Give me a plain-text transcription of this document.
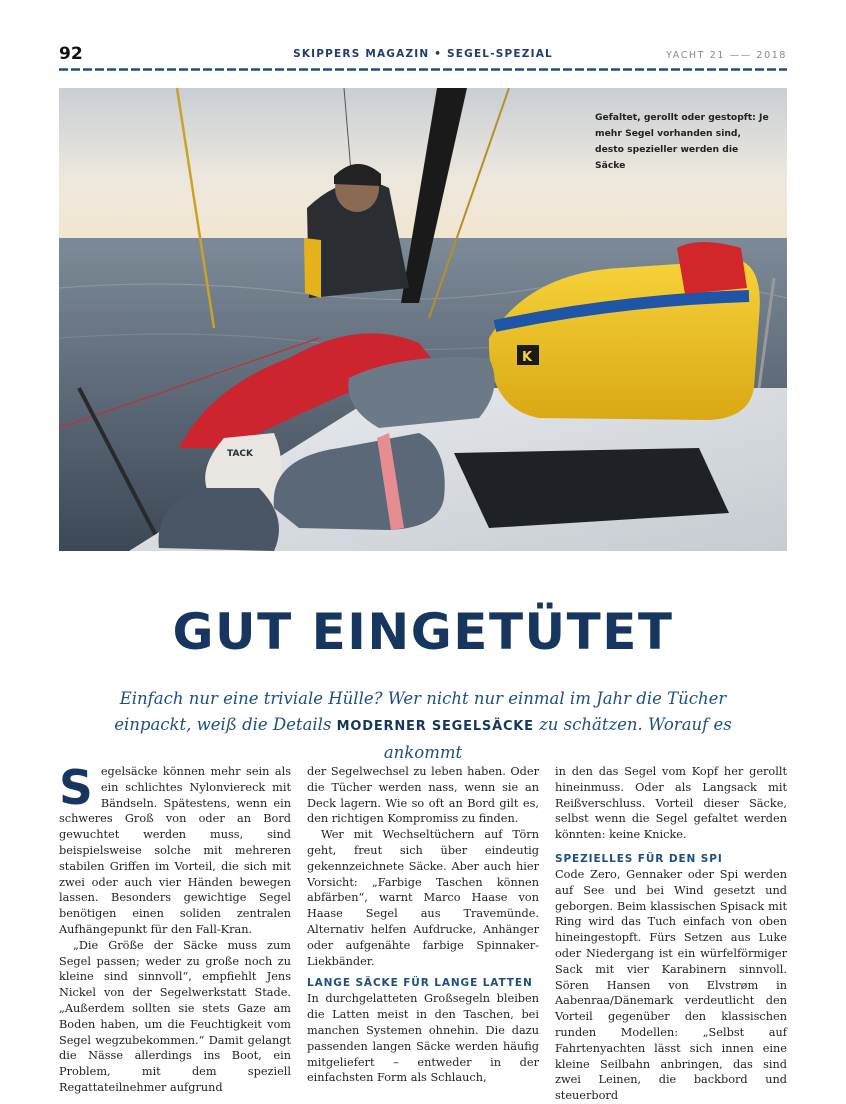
92	SKIPPERS MAGAZIN • SEGEL-SPEZIAL	YACHT 21 —— 2018
K
TACK
Gefaltet, gerollt oder gestopft: Je mehr Segel vorhanden sind, desto spezieller werden die Säcke
GUT EINGETÜTET
Einfach nur eine triviale Hülle? Wer nicht nur einmal im Jahr die Tücher einpackt, weiß die Details MODERNER SEGELSÄCKE zu schätzen. Worauf es ankommt

Segelsäcke können mehr sein als ein schlichtes Nylonviereck mit Bändseln. Spätestens, wenn ein schweres Groß von oder an Bord gewuchtet werden muss, sind beispielsweise solche mit mehreren stabilen Griffen im Vorteil, die sich mit zwei oder auch vier Händen bewegen lassen. Besonders gewichtige Segel benötigen einen soliden zentralen Aufhängepunkt für den Fall-Kran.

„Die Größe der Säcke muss zum Segel passen; weder zu große noch zu kleine sind sinnvoll“, empfiehlt Jens Nickel von der Segelwerkstatt Stade. „Außerdem sollten sie stets Gaze am Boden haben, um die Feuchtigkeit vom Segel wegzubekommen.“ Damit gelangt die Nässe allerdings ins Boot, ein Problem, mit dem speziell Regattateilnehmer aufgrund

der Segelwechsel zu leben haben. Oder die Tücher werden nass, wenn sie an Deck lagern. Wie so oft an Bord gilt es, den richtigen Kompromiss zu finden.

Wer mit Wechseltüchern auf Törn geht, freut sich über eindeutig gekennzeichnete Säcke. Aber auch hier Vorsicht: „Farbige Taschen können abfärben“, warnt Marco Haase von Haase Segel aus Travemünde. Alternativ helfen Aufdrucke, Anhänger oder aufgenähte farbige Spinnaker-Liekbänder.

LANGE SÄCKE FÜR LANGE LATTEN

In durchgelatteten Großsegeln bleiben die Latten meist in den Taschen, bei manchen Systemen ohnehin. Die dazu passenden langen Säcke werden häufig mitgeliefert – entweder in der einfachsten Form als Schlauch,

in den das Segel vom Kopf her gerollt hineinmuss. Oder als Langsack mit Reißverschluss. Vorteil dieser Säcke, selbst wenn die Segel gefaltet werden könnten: keine Knicke.

SPEZIELLES FÜR DEN SPI

Code Zero, Gennaker oder Spi werden auf See und bei Wind gesetzt und geborgen. Beim klassischen Spisack mit Ring wird das Tuch einfach von oben hineingestopft. Fürs Setzen aus Luke oder Niedergang ist ein würfelförmiger Sack mit vier Karabinern sinnvoll. Sören Hansen von Elvstrøm in Aabenraa/Dänemark verdeutlicht den Vorteil gegenüber den klassischen runden Modellen: „Selbst auf Fahrtenyachten lässt sich innen eine kleine Seilbahn anbringen, das sind zwei Leinen, die backbord und steuerbord
